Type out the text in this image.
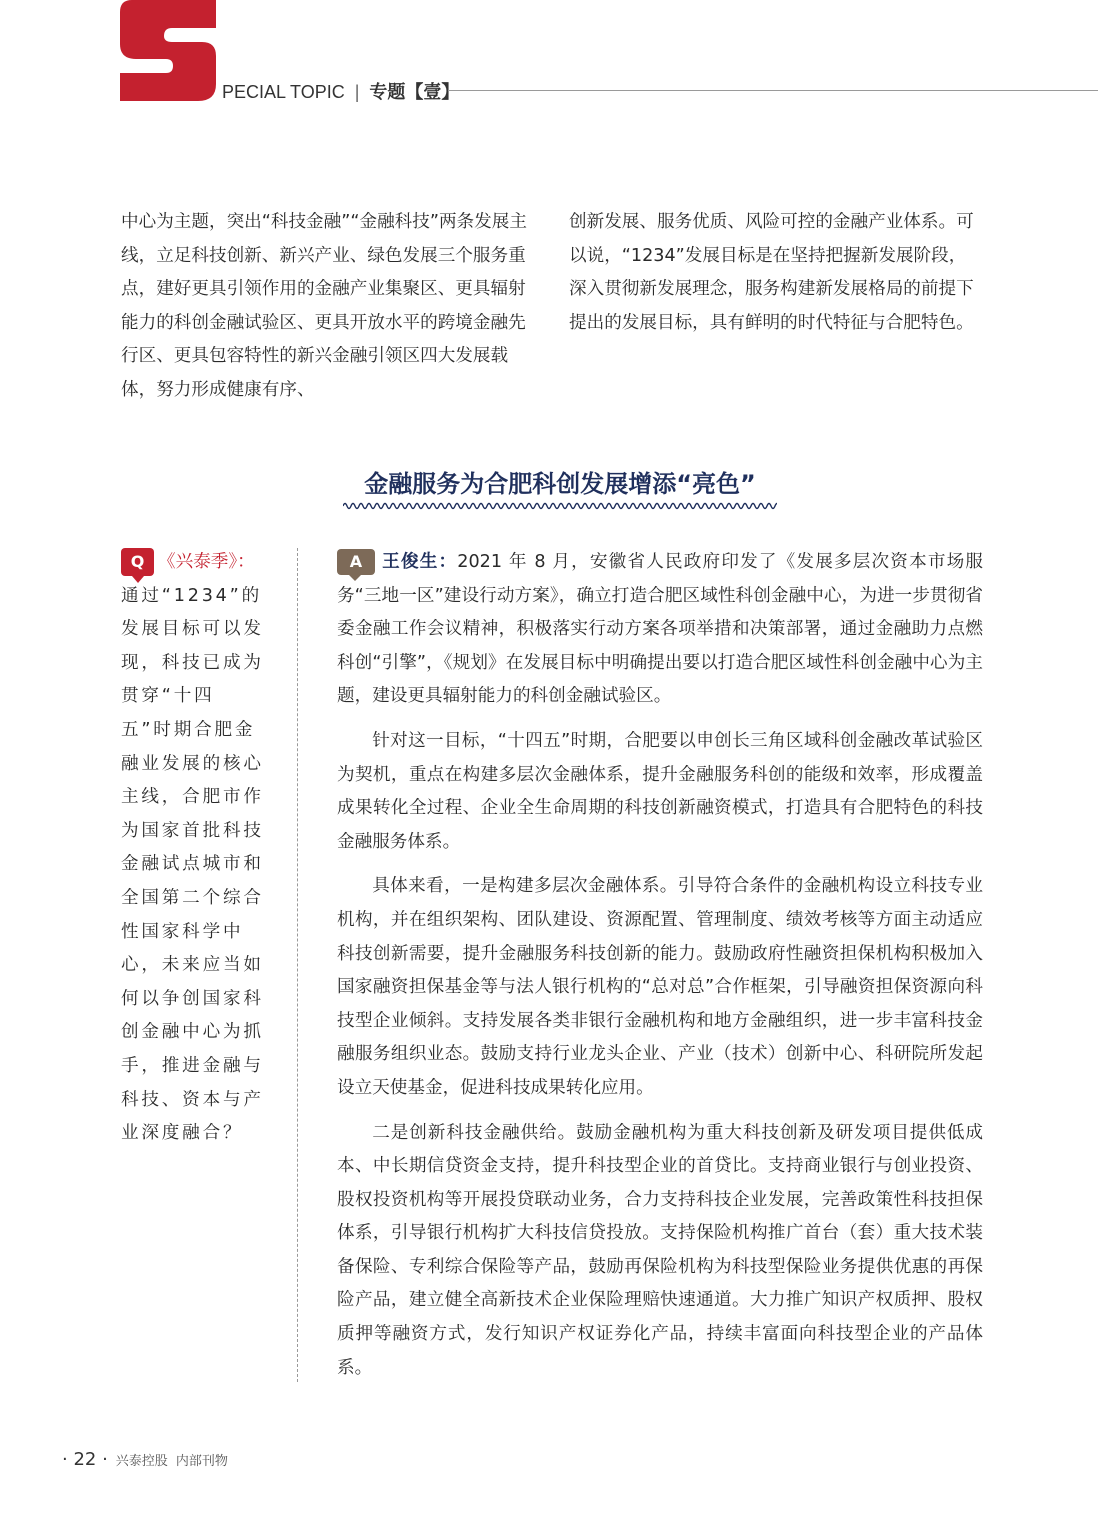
PECIAL TOPIC | 专题【壹】

中心为主题，突出“科技金融”“金融科技”两条发展主线，立足科技创新、新兴产业、绿色发展三个服务重点，建好更具引领作用的金融产业集聚区、更具辐射能力的科创金融试验区、更具开放水平的跨境金融先行区、更具包容特性的新兴金融引领区四大发展载体，努力形成健康有序、

创新发展、服务优质、风险可控的金融产业体系。可以说，“1234”发展目标是在坚持把握新发展阶段，深入贯彻新发展理念，服务构建新发展格局的前提下提出的发展目标，具有鲜明的时代特征与合肥特色。

金融服务为合肥科创发展增添“亮色”
Q 《兴泰季》：通过“1234”的发展目标可以发现，科技已成为贯穿“十四五”时期合肥金融业发展的核心主线，合肥市作为国家首批科技金融试点城市和全国第二个综合性国家科学中心，未来应当如何以争创国家科创金融中心为抓手，推进金融与科技、资本与产业深度融合？

A 王俊生：2021 年 8 月，安徽省人民政府印发了《发展多层次资本市场服务“三地一区”建设行动方案》，确立打造合肥区域性科创金融中心，为进一步贯彻省委金融工作会议精神，积极落实行动方案各项举措和决策部署，通过金融助力点燃科创“引擎”，《规划》在发展目标中明确提出要以打造合肥区域性科创金融中心为主题，建设更具辐射能力的科创金融试验区。

针对这一目标，“十四五”时期，合肥要以申创长三角区域科创金融改革试验区为契机，重点在构建多层次金融体系，提升金融服务科创的能级和效率，形成覆盖成果转化全过程、企业全生命周期的科技创新融资模式，打造具有合肥特色的科技金融服务体系。

具体来看，一是构建多层次金融体系。引导符合条件的金融机构设立科技专业机构，并在组织架构、团队建设、资源配置、管理制度、绩效考核等方面主动适应科技创新需要，提升金融服务科技创新的能力。鼓励政府性融资担保机构积极加入国家融资担保基金等与法人银行机构的“总对总”合作框架，引导融资担保资源向科技型企业倾斜。支持发展各类非银行金融机构和地方金融组织，进一步丰富科技金融服务组织业态。鼓励支持行业龙头企业、产业（技术）创新中心、科研院所发起设立天使基金，促进科技成果转化应用。

二是创新科技金融供给。鼓励金融机构为重大科技创新及研发项目提供低成本、中长期信贷资金支持，提升科技型企业的首贷比。支持商业银行与创业投资、股权投资机构等开展投贷联动业务，合力支持科技企业发展，完善政策性科技担保体系，引导银行机构扩大科技信贷投放。支持保险机构推广首台（套）重大技术装备保险、专利综合保险等产品，鼓励再保险机构为科技型保险业务提供优惠的再保险产品，建立健全高新技术企业保险理赔快速通道。大力推广知识产权质押、股权质押等融资方式，发行知识产权证券化产品，持续丰富面向科技型企业的产品体系。

· 22 · 兴泰控股 内部刊物
